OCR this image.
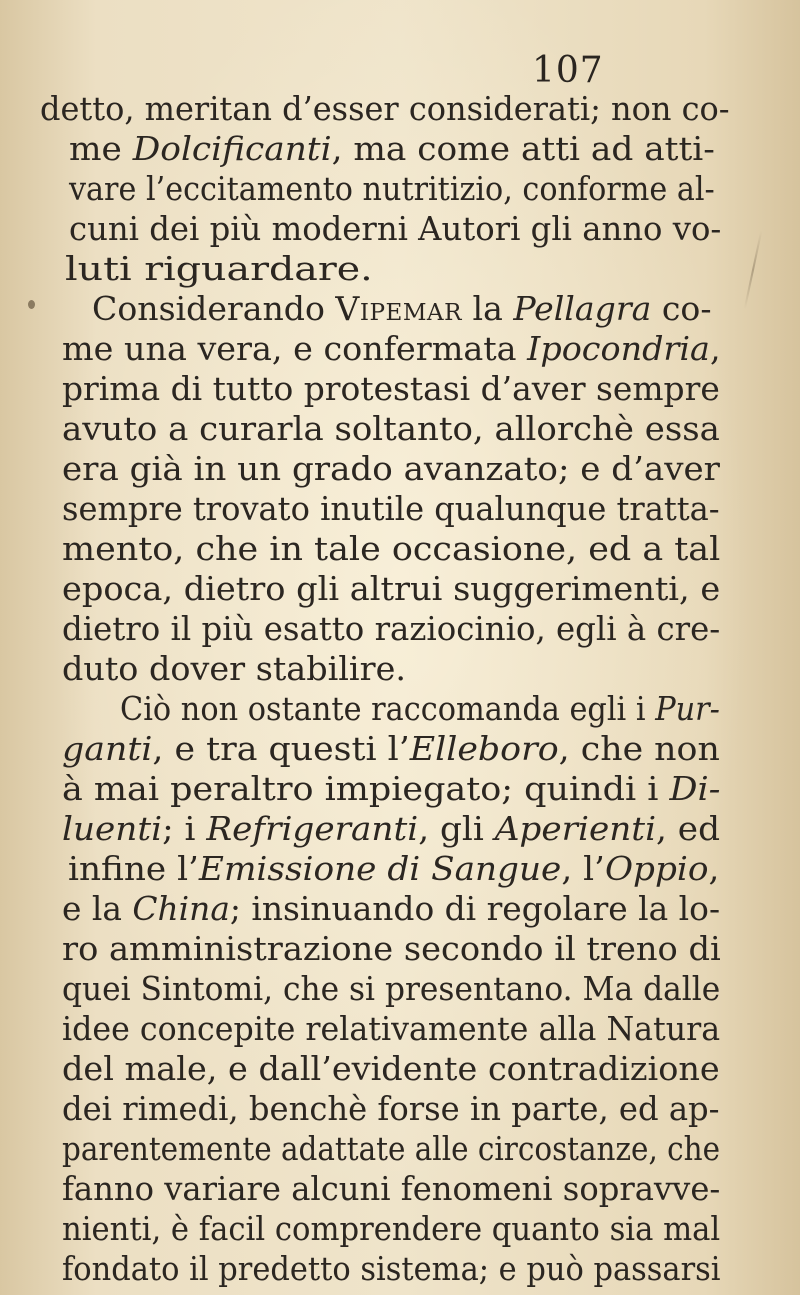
107
detto, meritan d’esser considerati; non co-
me Dolcificanti, ma come atti ad atti-
vare l’eccitamento nutritizio, conforme al-
cuni dei più moderni Autori gli anno vo-
luti riguardare.
Considerando Vipemar la Pellagra co-
me una vera, e confermata Ipocondria,
prima di tutto protestasi d’aver sempre
avuto a curarla soltanto, allorchè essa
era già in un grado avanzato; e d’aver
sempre trovato inutile qualunque tratta-
mento, che in tale occasione, ed a tal
epoca, dietro gli altrui suggerimenti, e
dietro il più esatto raziocinio, egli à cre-
duto dover stabilire.
Ciò non ostante raccomanda egli i Pur-
ganti, e tra questi l’Elleboro, che non
à mai peraltro impiegato; quindi i Di-
luenti; i Refrigeranti, gli Aperienti, ed
infine l’Emissione di Sangue, l’Oppio,
e la China; insinuando di regolare la lo-
ro amministrazione secondo il treno di
quei Sintomi, che si presentano. Ma dalle
idee concepite relativamente alla Natura
del male, e dall’evidente contradizione
dei rimedi, benchè forse in parte, ed ap-
parentemente adattate alle circostanze, che
fanno variare alcuni fenomeni sopravve-
nienti, è facil comprendere quanto sia mal
fondato il predetto sistema; e può passarsi
